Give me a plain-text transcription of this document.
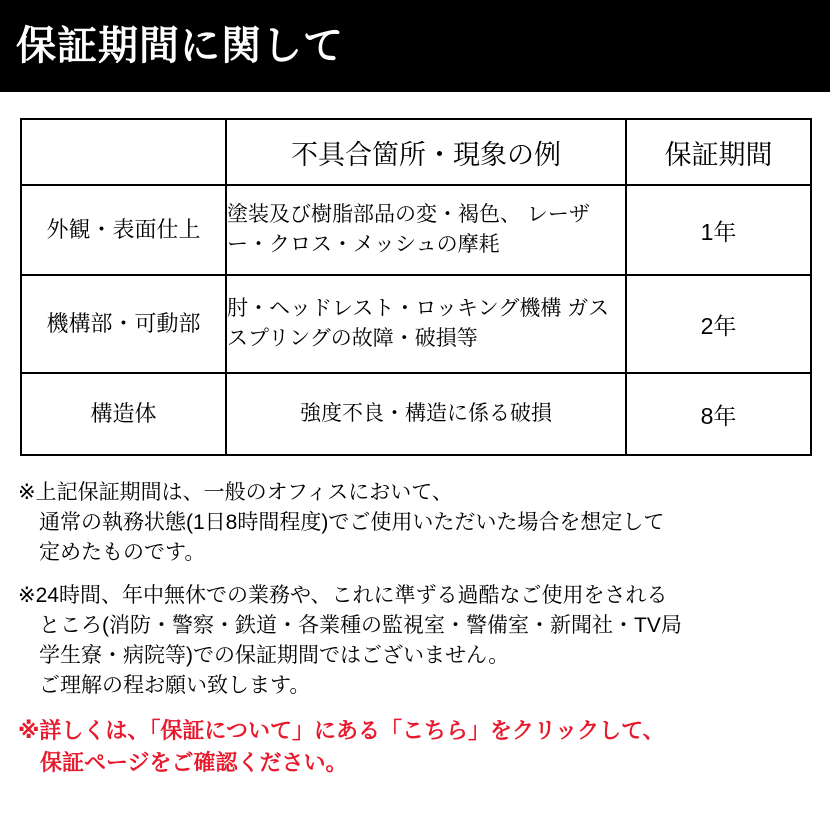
保証期間に関して
	不具合箇所・現象の例	保証期間
外観・表面仕上	塗装及び樹脂部品の変・褐色、 レーザー・クロス・メッシュの摩耗	1年
機構部・可動部	肘・ヘッドレスト・ロッキング機構 ガススプリングの故障・破損等	2年
構造体	強度不良・構造に係る破損	8年
※上記保証期間は、一般のオフィスにおいて、
　通常の執務状態(1日8時間程度)でご使用いただいた場合を想定して
　定めたものです。
※24時間、年中無休での業務や、これに準ずる過酷なご使用をされる
　ところ(消防・警察・鉄道・各業種の監視室・警備室・新聞社・TV局
　学生寮・病院等)での保証期間ではございません。
　ご理解の程お願い致します。
※詳しくは、「保証について」にある「こちら」をクリックして、
　保証ページをご確認ください。
